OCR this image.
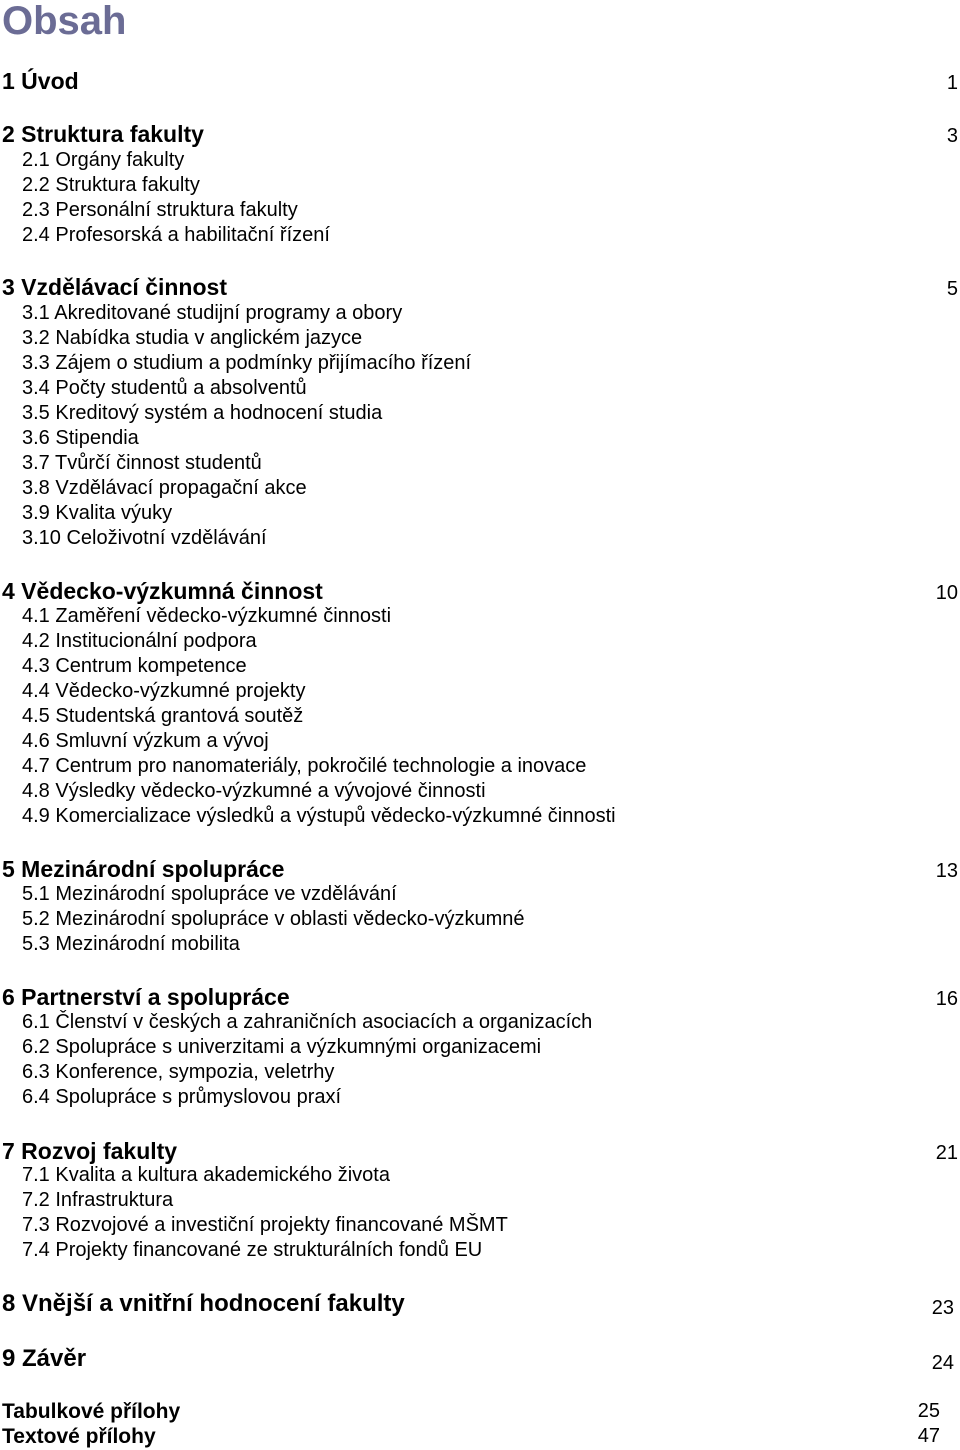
Obsah
1 Úvod	1
2 Struktura fakulty	3
2.1 Orgány fakulty
2.2 Struktura fakulty
2.3 Personální struktura fakulty
2.4 Profesorská a habilitační řízení
3 Vzdělávací činnost	5
3.1 Akreditované studijní programy a obory
3.2 Nabídka studia v anglickém jazyce
3.3 Zájem o studium a podmínky přijímacího řízení
3.4 Počty studentů a absolventů
3.5 Kreditový systém a hodnocení studia
3.6 Stipendia
3.7 Tvůrčí činnost studentů
3.8 Vzdělávací propagační akce
3.9 Kvalita výuky
3.10 Celoživotní vzdělávání
4 Vědecko-výzkumná činnost	10
4.1 Zaměření vědecko-výzkumné činnosti
4.2 Institucionální podpora
4.3 Centrum kompetence
4.4 Vědecko-výzkumné projekty
4.5 Studentská grantová soutěž
4.6 Smluvní výzkum a vývoj
4.7 Centrum pro nanomateriály, pokročilé technologie a inovace
4.8 Výsledky vědecko-výzkumné a vývojové činnosti
4.9 Komercializace výsledků a výstupů vědecko-výzkumné činnosti
5 Mezinárodní spolupráce	13
5.1 Mezinárodní spolupráce ve vzdělávání
5.2 Mezinárodní spolupráce v oblasti vědecko-výzkumné
5.3 Mezinárodní mobilita
6 Partnerství a spolupráce	16
6.1 Členství v českých a zahraničních asociacích a organizacích
6.2 Spolupráce s univerzitami a výzkumnými organizacemi
6.3 Konference, sympozia, veletrhy
6.4 Spolupráce s průmyslovou praxí
7 Rozvoj fakulty	21
7.1 Kvalita a kultura akademického života
7.2 Infrastruktura
7.3 Rozvojové a investiční projekty financované MŠMT
7.4 Projekty financované ze strukturálních fondů EU
8 Vnější a vnitřní hodnocení fakulty	23
9 Závěr	24
Tabulkové přílohy	25
Textové přílohy	47
